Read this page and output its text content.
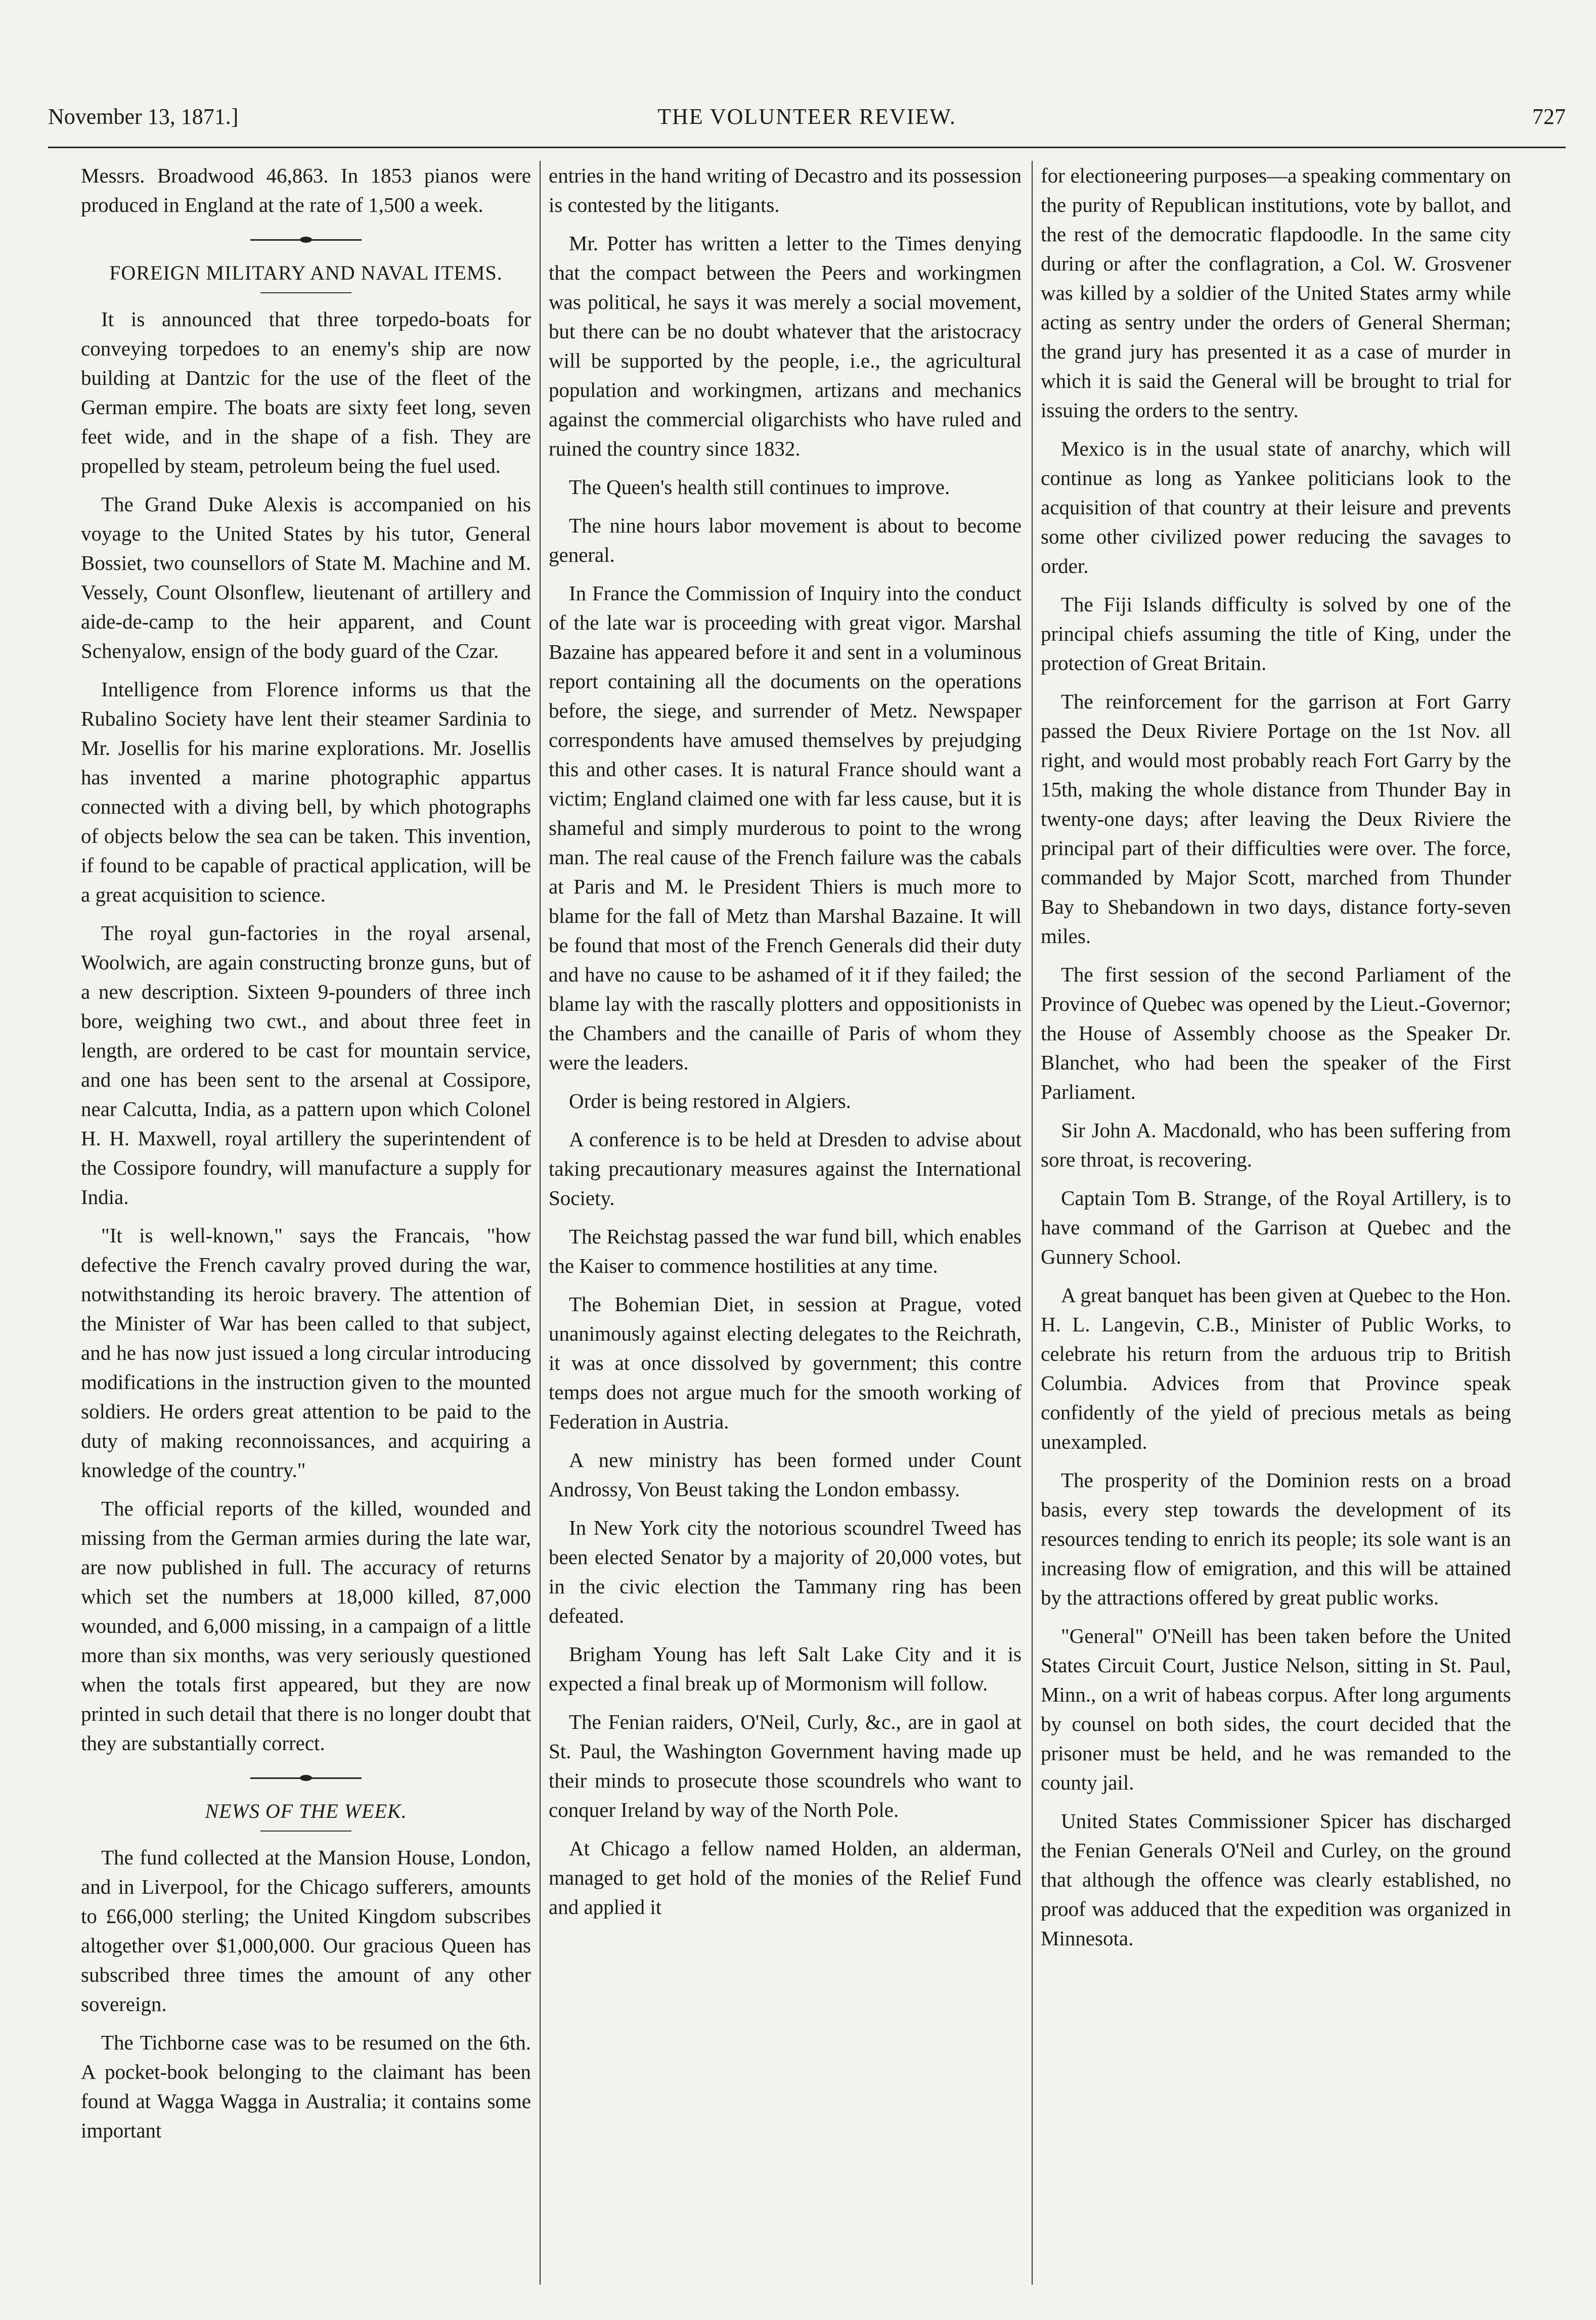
November 13, 1871.]	THE VOLUNTEER REVIEW.	727

Messrs. Broadwood 46,863. In 1853 pianos were produced in England at the rate of 1,500 a week.

FOREIGN MILITARY AND NAVAL ITEMS.

It is announced that three torpedo-boats for conveying torpedoes to an enemy's ship are now building at Dantzic for the use of the fleet of the German empire. The boats are sixty feet long, seven feet wide, and in the shape of a fish. They are propelled by steam, petroleum being the fuel used.

The Grand Duke Alexis is accompanied on his voyage to the United States by his tutor, General Bossiet, two counsellors of State M. Machine and M. Vessely, Count Olsonflew, lieutenant of artillery and aide-de-camp to the heir apparent, and Count Schenyalow, ensign of the body guard of the Czar.

Intelligence from Florence informs us that the Rubalino Society have lent their steamer Sardinia to Mr. Josellis for his marine explorations. Mr. Josellis has invented a marine photographic appartus connected with a diving bell, by which photographs of objects below the sea can be taken. This invention, if found to be capable of practical application, will be a great acquisition to science.

The royal gun-factories in the royal arsenal, Woolwich, are again constructing bronze guns, but of a new description. Sixteen 9-pounders of three inch bore, weighing two cwt., and about three feet in length, are ordered to be cast for mountain service, and one has been sent to the arsenal at Cossipore, near Calcutta, India, as a pattern upon which Colonel H. H. Maxwell, royal artillery the superintendent of the Cossipore foundry, will manufacture a supply for India.

"It is well-known," says the Francais, "how defective the French cavalry proved during the war, notwithstanding its heroic bravery. The attention of the Minister of War has been called to that subject, and he has now just issued a long circular introducing modifications in the instruction given to the mounted soldiers. He orders great attention to be paid to the duty of making reconnoissances, and acquiring a knowledge of the country."

The official reports of the killed, wounded and missing from the German armies during the late war, are now published in full. The accuracy of returns which set the numbers at 18,000 killed, 87,000 wounded, and 6,000 missing, in a campaign of a little more than six months, was very seriously questioned when the totals first appeared, but they are now printed in such detail that there is no longer doubt that they are substantially correct.

NEWS OF THE WEEK.

The fund collected at the Mansion House, London, and in Liverpool, for the Chicago sufferers, amounts to £66,000 sterling; the United Kingdom subscribes altogether over $1,000,000. Our gracious Queen has subscribed three times the amount of any other sovereign.

The Tichborne case was to be resumed on the 6th. A pocket-book belonging to the claimant has been found at Wagga Wagga in Australia; it contains some important

entries in the hand writing of Decastro and its possession is contested by the litigants.

Mr. Potter has written a letter to the Times denying that the compact between the Peers and workingmen was political, he says it was merely a social movement, but there can be no doubt whatever that the aristocracy will be supported by the people, i.e., the agricultural population and workingmen, artizans and mechanics against the commercial oligarchists who have ruled and ruined the country since 1832.

The Queen's health still continues to improve.

The nine hours labor movement is about to become general.

In France the Commission of Inquiry into the conduct of the late war is proceeding with great vigor. Marshal Bazaine has appeared before it and sent in a voluminous report containing all the documents on the operations before, the siege, and surrender of Metz. Newspaper correspondents have amused themselves by prejudging this and other cases. It is natural France should want a victim; England claimed one with far less cause, but it is shameful and simply murderous to point to the wrong man. The real cause of the French failure was the cabals at Paris and M. le President Thiers is much more to blame for the fall of Metz than Marshal Bazaine. It will be found that most of the French Generals did their duty and have no cause to be ashamed of it if they failed; the blame lay with the rascally plotters and oppositionists in the Chambers and the canaille of Paris of whom they were the leaders.

Order is being restored in Algiers.

A conference is to be held at Dresden to advise about taking precautionary measures against the International Society.

The Reichstag passed the war fund bill, which enables the Kaiser to commence hostilities at any time.

The Bohemian Diet, in session at Prague, voted unanimously against electing delegates to the Reichrath, it was at once dissolved by government; this contre temps does not argue much for the smooth working of Federation in Austria.

A new ministry has been formed under Count Androssy, Von Beust taking the London embassy.

In New York city the notorious scoundrel Tweed has been elected Senator by a majority of 20,000 votes, but in the civic election the Tammany ring has been defeated.

Brigham Young has left Salt Lake City and it is expected a final break up of Mormonism will follow.

The Fenian raiders, O'Neil, Curly, &c., are in gaol at St. Paul, the Washington Government having made up their minds to prosecute those scoundrels who want to conquer Ireland by way of the North Pole.

At Chicago a fellow named Holden, an alderman, managed to get hold of the monies of the Relief Fund and applied it

for electioneering purposes—a speaking commentary on the purity of Republican institutions, vote by ballot, and the rest of the democratic flapdoodle. In the same city during or after the conflagration, a Col. W. Grosvener was killed by a soldier of the United States army while acting as sentry under the orders of General Sherman; the grand jury has presented it as a case of murder in which it is said the General will be brought to trial for issuing the orders to the sentry.

Mexico is in the usual state of anarchy, which will continue as long as Yankee politicians look to the acquisition of that country at their leisure and prevents some other civilized power reducing the savages to order.

The Fiji Islands difficulty is solved by one of the principal chiefs assuming the title of King, under the protection of Great Britain.

The reinforcement for the garrison at Fort Garry passed the Deux Riviere Portage on the 1st Nov. all right, and would most probably reach Fort Garry by the 15th, making the whole distance from Thunder Bay in twenty-one days; after leaving the Deux Riviere the principal part of their difficulties were over. The force, commanded by Major Scott, marched from Thunder Bay to Shebandown in two days, distance forty-seven miles.

The first session of the second Parliament of the Province of Quebec was opened by the Lieut.-Governor; the House of Assembly choose as the Speaker Dr. Blanchet, who had been the speaker of the First Parliament.

Sir John A. Macdonald, who has been suffering from sore throat, is recovering.

Captain Tom B. Strange, of the Royal Artillery, is to have command of the Garrison at Quebec and the Gunnery School.

A great banquet has been given at Quebec to the Hon. H. L. Langevin, C.B., Minister of Public Works, to celebrate his return from the arduous trip to British Columbia. Advices from that Province speak confidently of the yield of precious metals as being unexampled.

The prosperity of the Dominion rests on a broad basis, every step towards the development of its resources tending to enrich its people; its sole want is an increasing flow of emigration, and this will be attained by the attractions offered by great public works.

"General" O'Neill has been taken before the United States Circuit Court, Justice Nelson, sitting in St. Paul, Minn., on a writ of habeas corpus. After long arguments by counsel on both sides, the court decided that the prisoner must be held, and he was remanded to the county jail.

United States Commissioner Spicer has discharged the Fenian Generals O'Neil and Curley, on the ground that although the offence was clearly established, no proof was adduced that the expedition was organized in Minnesota.
